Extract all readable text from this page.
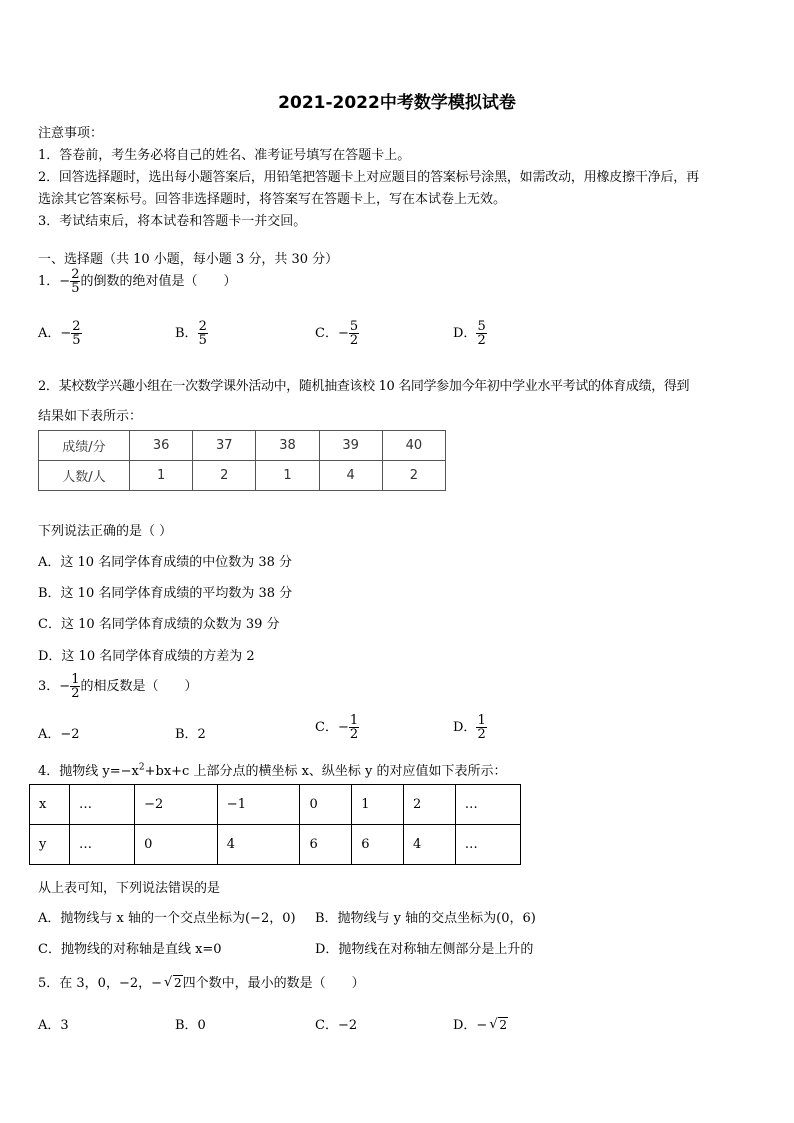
2021-2022中考数学模拟试卷
注意事项：
1．答卷前，考生务必将自己的姓名、准考证号填写在答题卡上。
2．回答选择题时，选出每小题答案后，用铅笔把答题卡上对应题目的答案标号涂黑，如需改动，用橡皮擦干净后，再
选涂其它答案标号。回答非选择题时，将答案写在答题卡上，写在本试卷上无效。
3．考试结束后，将本试卷和答题卡一并交回。
一、选择题（共 10 小题，每小题 3 分，共 30 分）
1．− $\frac{2}{5}$ 的倒数的绝对值是（　　）
A．− $\frac{2}{5}$	B． $\frac{2}{5}$	C．− $\frac{5}{2}$	D． $\frac{5}{2}$
2．某校数学兴趣小组在一次数学课外活动中，随机抽查该校 10 名同学参加今年初中学业水平考试的体育成绩，得到
结果如下表所示：
成绩/分	36	37	38	39	40
人数/人	1	2	1	4	2
下列说法正确的是（ ）
A．这 10 名同学体育成绩的中位数为 38 分
B．这 10 名同学体育成绩的平均数为 38 分
C．这 10 名同学体育成绩的众数为 39 分
D．这 10 名同学体育成绩的方差为 2
3．− $\frac{1}{2}$ 的相反数是（　　）
A．−2	B．2	C．− $\frac{1}{2}$	D． $\frac{1}{2}$
4．抛物线 $y=-x^2+bx+c$ 上部分点的横坐标 x、纵坐标 y 的对应值如下表所示：
x	…	−2	−1	0	1	2	…
y	…	0	4	6	6	4	…
从上表可知，下列说法错误的是
A．抛物线与 x 轴的一个交点坐标为(−2，0) B．抛物线与 y 轴的交点坐标为(0，6)
C．抛物线的对称轴是直线 x=0	D．抛物线在对称轴左侧部分是上升的
5．在 3，0，−2，− √ 2四个数中，最小的数是（　　）
A．3	B．0	C．−2	D．− √ 2
